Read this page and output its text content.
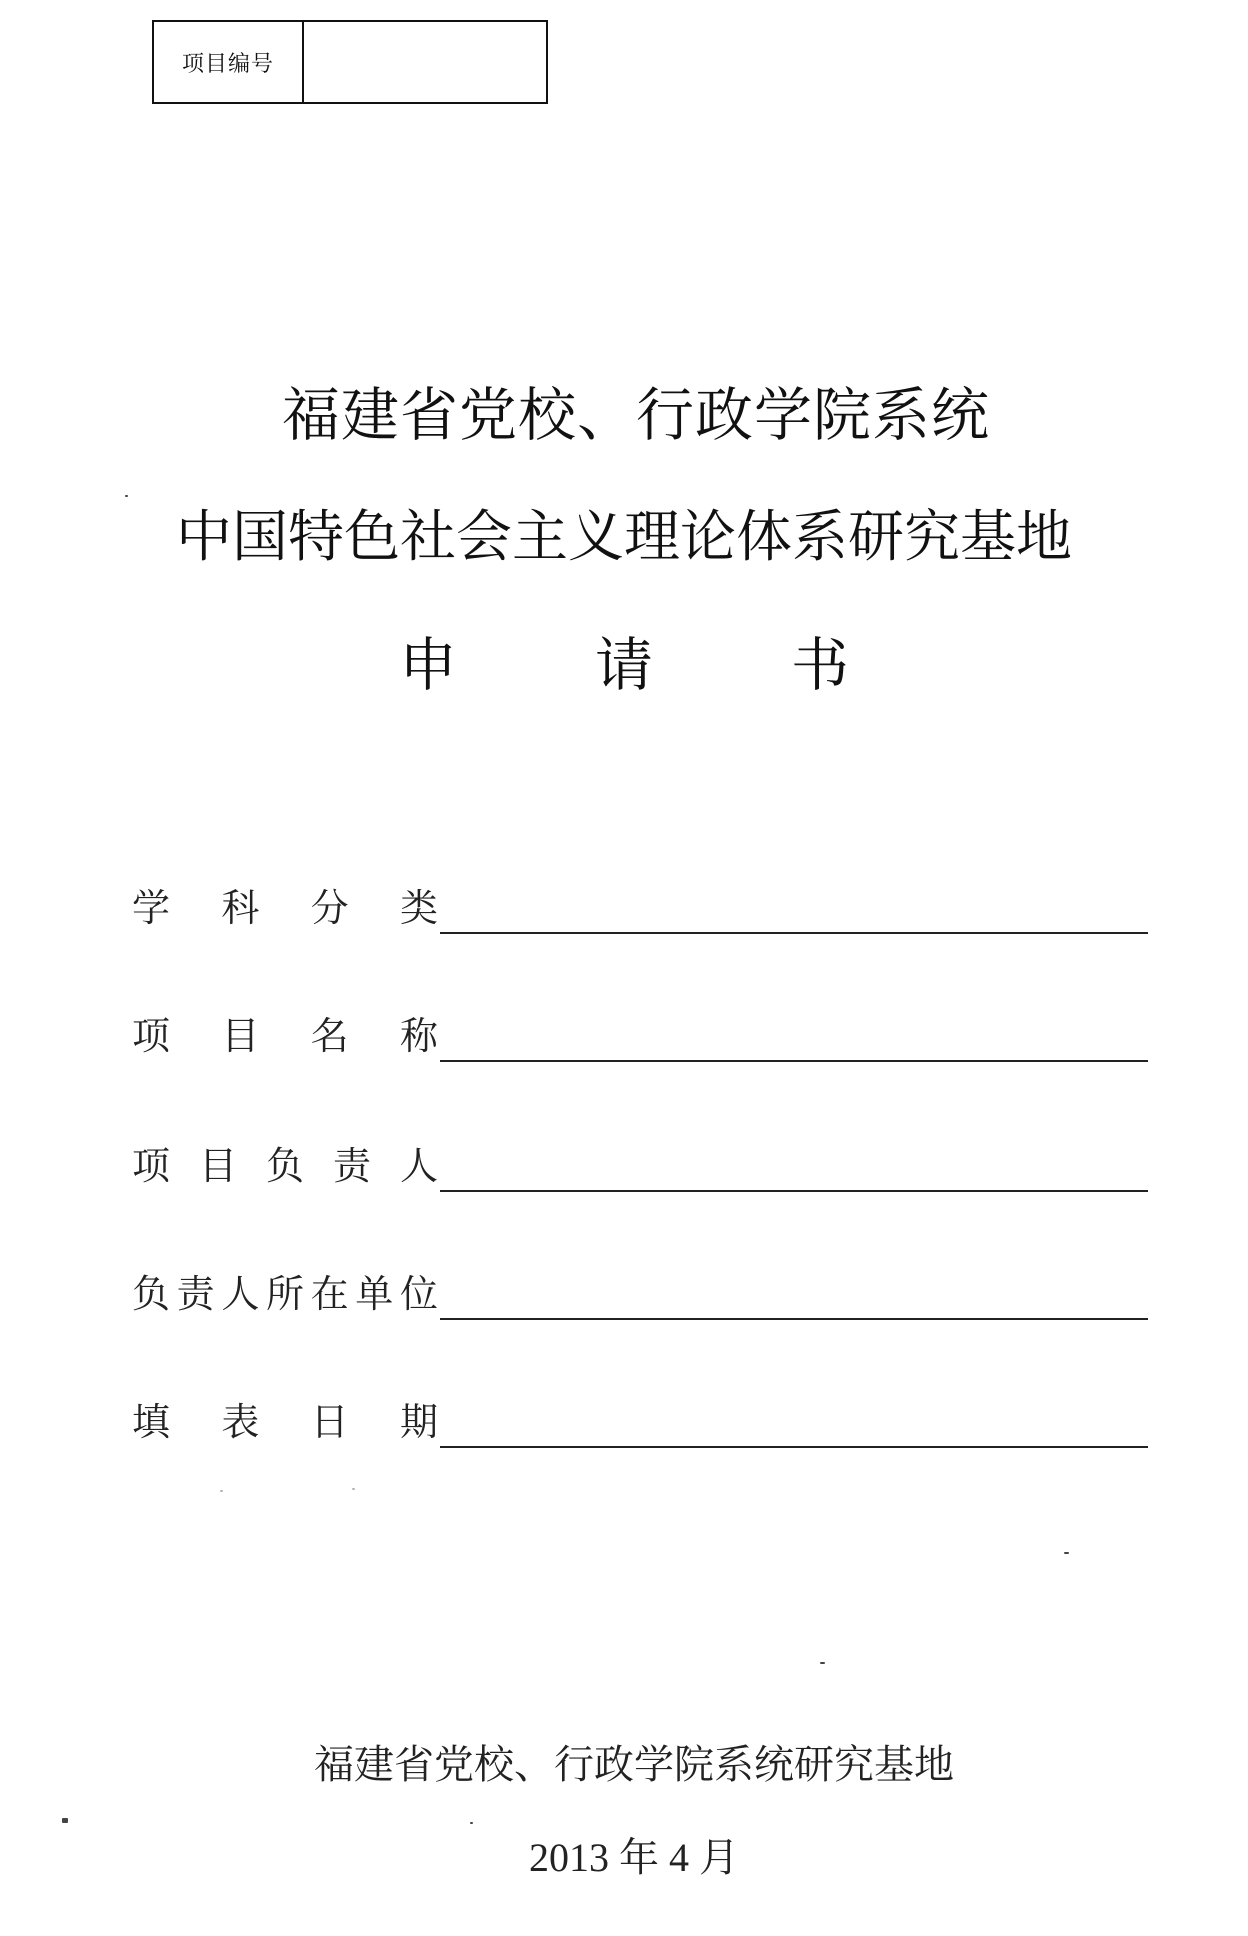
项目编号
福建省党校、行政学院系统
中国特色社会主义理论体系研究基地
申	请	书
学 科 分 类
项 目 名 称
项 目 负 责 人
负 责 人 所 在 单 位
填 表 日 期
福建省党校、行政学院系统研究基地
2013 年 4 月
